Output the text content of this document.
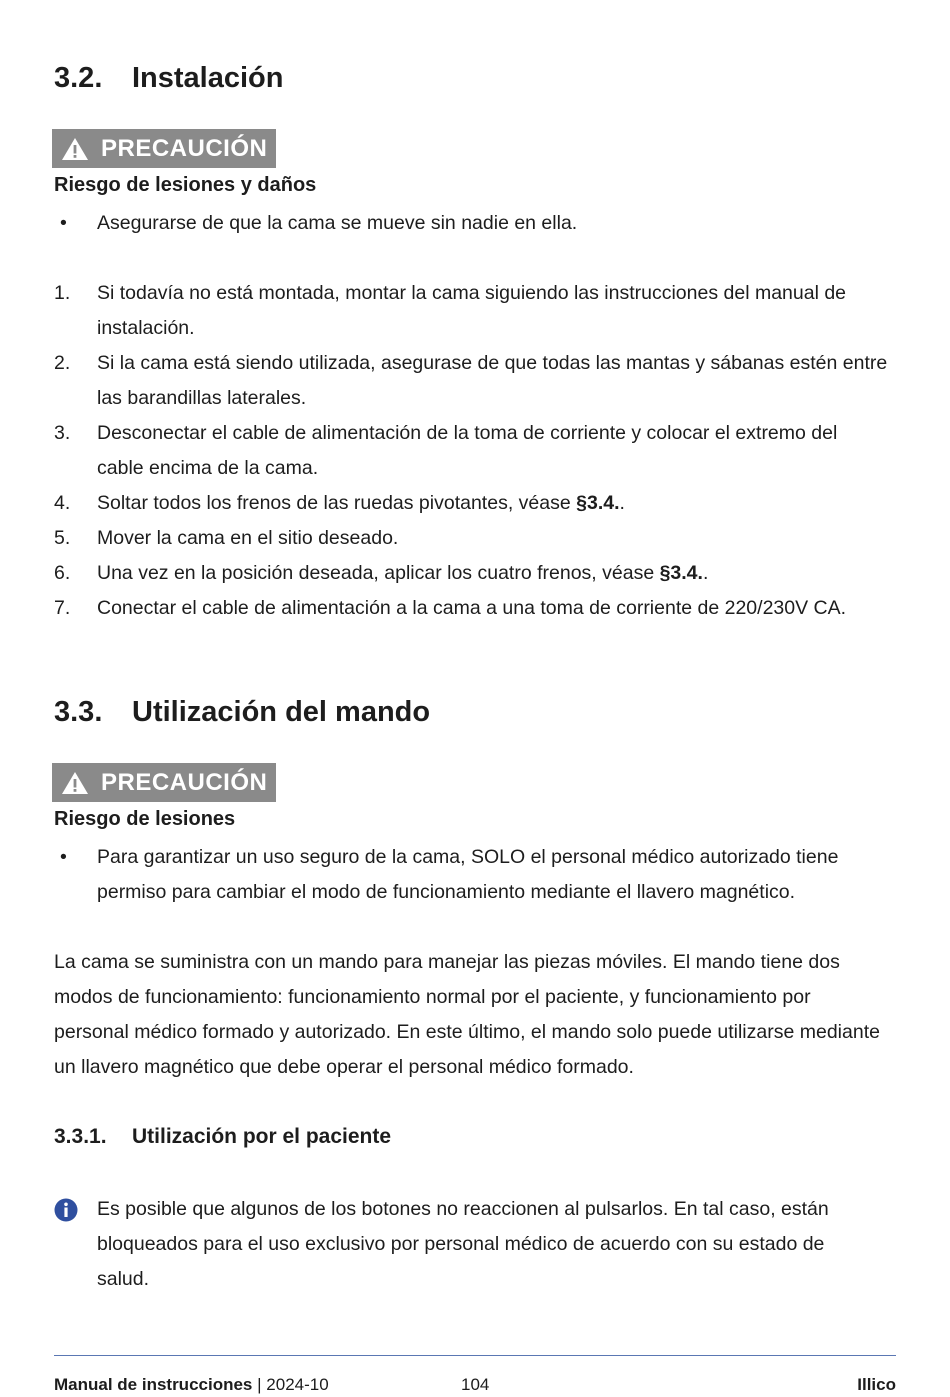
3.2. Instalación
PRECAUCIÓN
Riesgo de lesiones y daños
• Asegurarse de que la cama se mueve sin nadie en ella.
1. Si todavía no está montada, montar la cama siguiendo las instrucciones del manual de
instalación.
2. Si la cama está siendo utilizada, asegurase de que todas las mantas y sábanas estén entre
las barandillas laterales.
3. Desconectar el cable de alimentación de la toma de corriente y colocar el extremo del
cable encima de la cama.
4. Soltar todos los frenos de las ruedas pivotantes, véase §3.4..
5. Mover la cama en el sitio deseado.
6. Una vez en la posición deseada, aplicar los cuatro frenos, véase §3.4..
7. Conectar el cable de alimentación a la cama a una toma de corriente de 220/230V CA.
3.3. Utilización del mando
PRECAUCIÓN
Riesgo de lesiones
• Para garantizar un uso seguro de la cama, SOLO el personal médico autorizado tiene
permiso para cambiar el modo de funcionamiento mediante el llavero magnético.
La cama se suministra con un mando para manejar las piezas móviles. El mando tiene dos
modos de funcionamiento: funcionamiento normal por el paciente, y funcionamiento por
personal médico formado y autorizado. En este último, el mando solo puede utilizarse mediante
un llavero magnético que debe operar el personal médico formado.
3.3.1. Utilización por el paciente
Es posible que algunos de los botones no reaccionen al pulsarlos. En tal caso, están
bloqueados para el uso exclusivo por personal médico de acuerdo con su estado de
salud.
Manual de instrucciones | 2024-10	104	Illico
